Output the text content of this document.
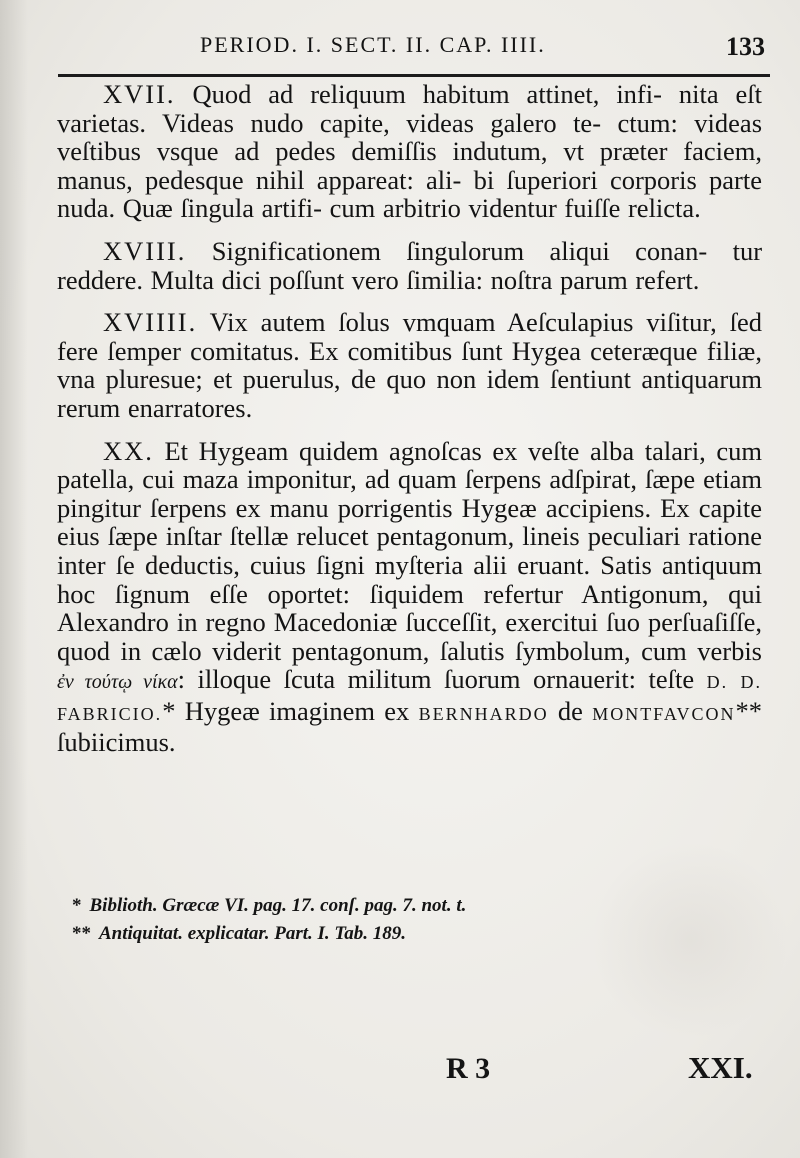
PERIOD. I. SECT. II. CAP. IIII.	133

XVII. Quod ad reliquum habitum attinet, infi- nita eſt varietas. Videas nudo capite, videas galero te- ctum: videas veſtibus vsque ad pedes demiſſis indutum, vt præter faciem, manus, pedesque nihil appareat: ali- bi ſuperiori corporis parte nuda. Quæ ſingula artifi- cum arbitrio videntur fuiſſe relicta.

XVIII. Significationem ſingulorum aliqui conan- tur reddere. Multa dici poſſunt vero ſimilia: noſtra parum refert.

XVIIII. Vix autem ſolus vmquam Aeſculapius viſitur, ſed fere ſemper comitatus. Ex comitibus ſunt Hygea ceteræque filiæ, vna pluresue; et puerulus, de quo non idem ſentiunt antiquarum rerum enarratores.

XX. Et Hygeam quidem agnoſcas ex veſte alba talari, cum patella, cui maza imponitur, ad quam ſerpens adſpirat, ſæpe etiam pingitur ſerpens ex manu porrigentis Hygeæ accipiens. Ex capite eius ſæpe inſtar ſtellæ relucet pentagonum, lineis peculiari ratione inter ſe deductis, cuius ſigni myſteria alii eruant. Satis antiquum hoc ſignum eſſe oportet: ſiquidem refertur Antigonum, qui Alexandro in regno Macedoniæ ſucceſſit, exercitui ſuo perſuaſiſſe, quod in cælo viderit pentagonum, ſalutis ſymbolum, cum verbis ἐν τούτῳ νίκα: illoque ſcuta militum ſuorum ornauerit: teſte D. D. FABRICIO.* Hygeæ imaginem ex BERNHARDO de MONTFAVCON** ſubiicimus.

* Biblioth. Græcæ VI. pag. 17. conſ. pag. 7. not. t.
** Antiquitat. explicatar. Part. I. Tab. 189.
R 3	XXI.
